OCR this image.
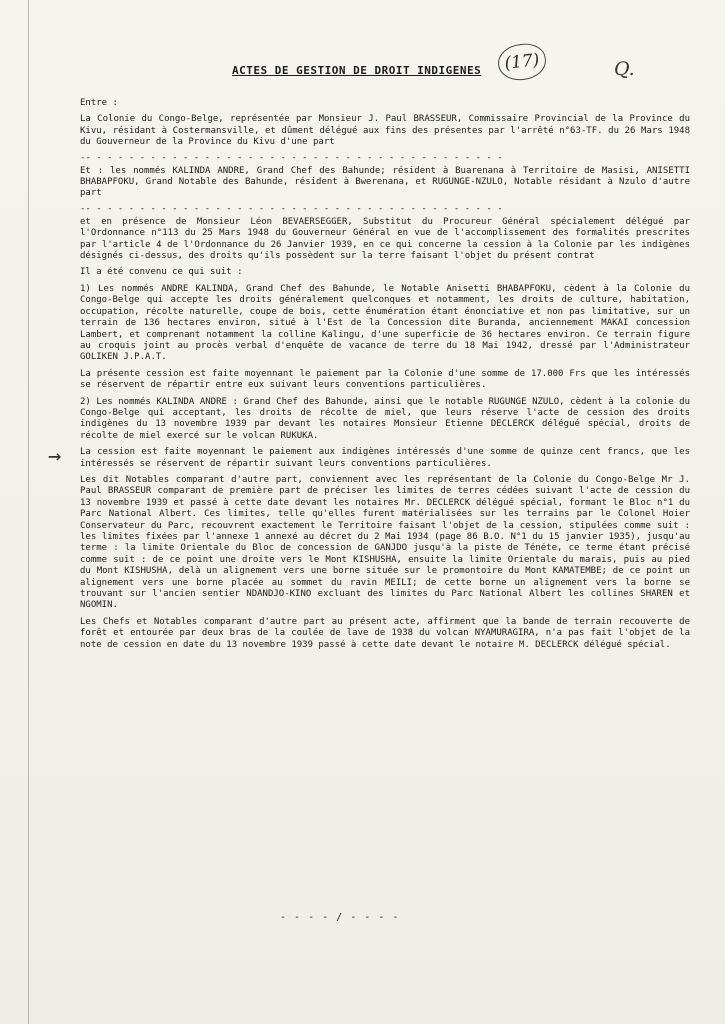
ACTES DE GESTION DE DROIT INDIGENES	(17)	Q.
→

Entre :

La Colonie du Congo-Belge, représentée par Monsieur J. Paul BRASSEUR, Commissaire Provincial de la Province du Kivu, résidant à Costermansville, et dûment délégué aux fins des présentes par l'arrêté n°63-TF. du 26 Mars 1948 du Gouverneur de la Province du Kivu d'une part

-- - - - - - - - - - - - - - - - - - - - - - - - - - - - - - - - - - - - - - -

Et : les nommés KALINDA ANDRE, Grand Chef des Bahunde; résident à Buarenana à Territoire de Masisi, ANISETTI BHABAPFOKU, Grand Notable des Bahunde, résident à Bwerenana, et RUGUNGE-NZULO, Notable résidant à Nzulo d'autre part

-- - - - - - - - - - - - - - - - - - - - - - - - - - - - - - - - - - - - - - -

et en présence de Monsieur Léon BEVAERSEGGER, Substitut du Procureur Général spécialement délégué par l'Ordonnance n°113 du 25 Mars 1948 du Gouverneur Général en vue de l'accomplissement des formalités prescrites par l'article 4 de l'Ordonnance du 26 Janvier 1939, en ce qui concerne la cession à la Colonie par les indigènes désignés ci-dessus, des droits qu'ils possèdent sur la terre faisant l'objet du présent contrat

Il a été convenu ce qui suit :

1) Les nommés ANDRE KALINDA, Grand Chef des Bahunde, le Notable Anisetti BHABAPFOKU, cèdent à la Colonie du Congo-Belge qui accepte les droits généralement quelconques et notamment, les droits de culture, habitation, occupation, récolte naturelle, coupe de bois, cette énumération étant énonciative et non pas limitative, sur un terrain de 136 hectares environ, situé à l'Est de la Concession dite Buranda, anciennement MAKAI concession Lambert, et comprenant notamment la colline Kalingu, d'une superficie de 36 hectares environ. Ce terrain figure au croquis joint au procès verbal d'enquête de vacance de terre du 18 Mai 1942, dressé par l'Administrateur GOLIKEN J.P.A.T.

La présente cession est faite moyennant le paiement par la Colonie d'une somme de 17.000 Frs que les intéressés se réservent de répartir entre eux suivant leurs conventions particulières.

2) Les nommés KALINDA ANDRE : Grand Chef des Bahunde, ainsi que le notable RUGUNGE NZULO, cèdent à la colonie du Congo-Belge qui acceptant, les droits de récolte de miel, que leurs réserve l'acte de cession des droits indigènes du 13 novembre 1939 par devant les notaires Monsieur Etienne DECLERCK délégué spécial, droits de récolte de miel exercé sur le volcan RUKUKA.

La cession est faite moyennant le paiement aux indigènes intéressés d'une somme de quinze cent francs, que les intéressés se réservent de répartir suivant leurs conventions particulières.

Les dit Notables comparant d'autre part, conviennent avec les représentant de la Colonie du Congo-Belge Mr J. Paul BRASSEUR comparant de première part de préciser les limites de terres cédées suivant l'acte de cession du 13 novembre 1939 et passé à cette date devant les notaires Mr. DECLERCK délégué spécial, formant le Bloc n°1 du Parc National Albert. Ces limites, telle qu'elles furent matérialisées sur les terrains par le Colonel Hoier Conservateur du Parc, recouvrent exactement le Territoire faisant l'objet de la cession, stipulées comme suit : les limites fixées par l'annexe 1 annexé au décret du 2 Mai 1934 (page 86 B.O. N°1 du 15 janvier 1935), jusqu'au terme : la limite Orientale du Bloc de concession de GANJDO jusqu'à la piste de Ténéte, ce terme étant précisé comme suit : de ce point une droite vers le Mont KISHUSHA, ensuite la limite Orientale du marais, puis au pied du Mont KISHUSHA, delà un alignement vers une borne située sur le promontoire du Mont KAMATEMBE; de ce point un alignement vers une borne placée au sommet du ravin MEILI; de cette borne un alignement vers la borne se trouvant sur l'ancien sentier NDANDJO-KINO excluant des limites du Parc National Albert les collines SHAREN et NGOMIN.

Les Chefs et Notables comparant d'autre part au présent acte, affirment que la bande de terrain recouverte de forêt et entourée par deux bras de la coulée de lave de 1938 du volcan NYAMURAGIRA, n'a pas fait l'objet de la note de cession en date du 13 novembre 1939 passé à cette date devant le notaire M. DECLERCK délégué spécial.

- - - - / - - - -
